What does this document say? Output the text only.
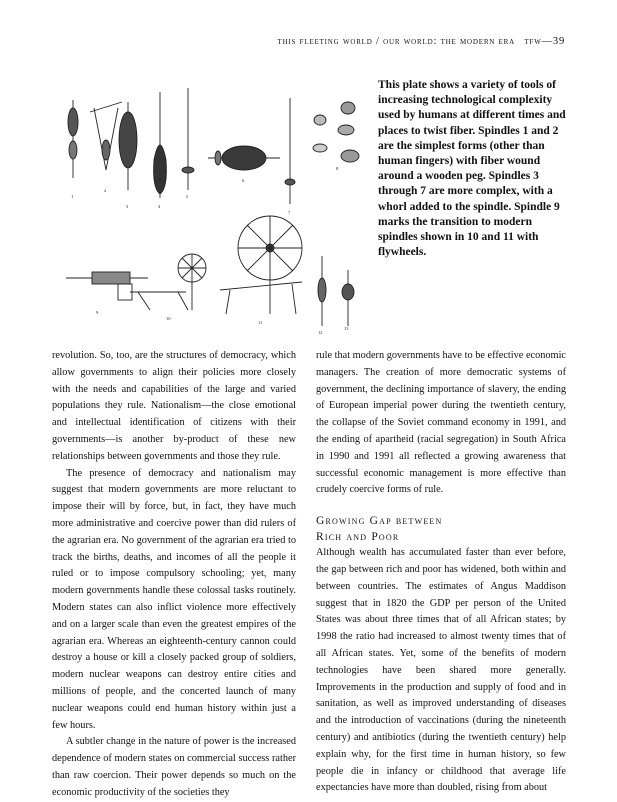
this fleeting world / our world: the modern era tfw—39
1
2
3	4
5
6
7
8
9
10
11
12
13
This plate shows a variety of tools of increasing technological complexity used by humans at different times and places to twist fiber. Spindles 1 and 2 are the simplest forms (other than human fingers) with fiber wound around a wooden peg. Spindles 3 through 7 are more complex, with a whorl added to the spindle. Spindle 9 marks the transition to modern spindles shown in 10 and 11 with flywheels.

revolution. So, too, are the structures of democracy, which allow governments to align their policies more closely with the needs and capabilities of the large and varied populations they rule. Nationalism—the close emotional and intellectual identification of citizens with their governments—is another by-product of these new relationships between governments and those they rule.

The presence of democracy and nationalism may suggest that modern governments are more reluctant to impose their will by force, but, in fact, they have much more administrative and coercive power than did rulers of the agrarian era. No government of the agrarian era tried to track the births, deaths, and incomes of all the people it ruled or to impose compulsory schooling; yet, many modern governments handle these colossal tasks routinely. Modern states can also inflict violence more effectively and on a larger scale than even the greatest empires of the agrarian era. Whereas an eighteenth-century cannon could destroy a house or kill a closely packed group of soldiers, modern nuclear weapons can destroy entire cities and millions of people, and the concerted launch of many nuclear weapons could end human history within just a few hours.

A subtler change in the nature of power is the increased dependence of modern states on commercial success rather than raw coercion. Their power depends so much on the economic productivity of the societies they

rule that modern governments have to be effective economic managers. The creation of more democratic systems of government, the declining importance of slavery, the ending of European imperial power during the twentieth century, the collapse of the Soviet command economy in 1991, and the ending of apartheid (racial segregation) in South Africa in 1990 and 1991 all reflected a growing awareness that successful economic management is more effective than crudely coercive forms of rule.

Growing Gap between
Rich and Poor

Although wealth has accumulated faster than ever before, the gap between rich and poor has widened, both within and between countries. The estimates of Angus Maddison suggest that in 1820 the GDP per person of the United States was about three times that of all African states; by 1998 the ratio had increased to almost twenty times that of all African states. Yet, some of the benefits of modern technologies have been shared more generally. Improvements in the production and supply of food and in sanitation, as well as improved understanding of diseases and the introduction of vaccinations (during the nineteenth century) and antibiotics (during the twentieth century) help explain why, for the first time in human history, so few people die in infancy or childhood that average life expectancies have more than doubled, rising from about
